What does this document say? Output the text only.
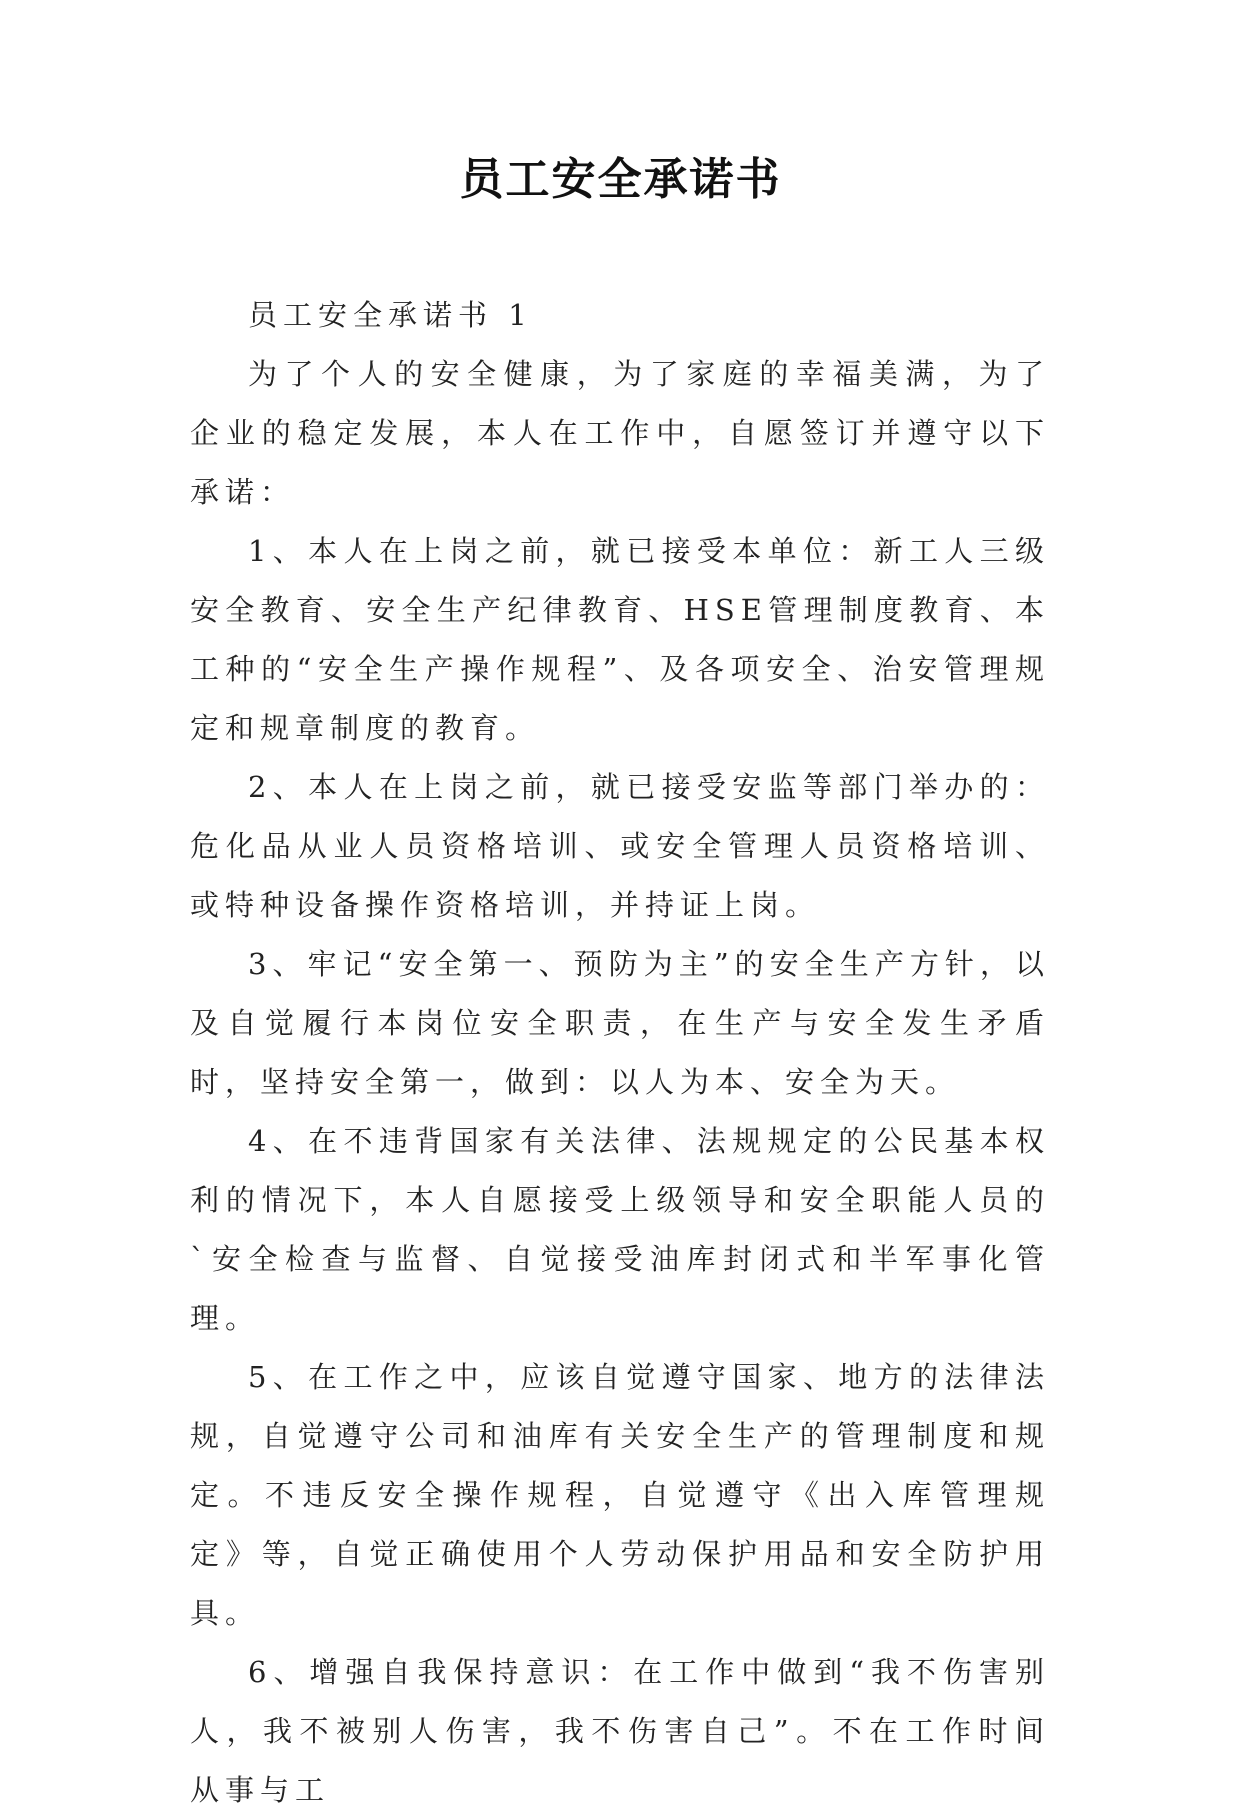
员工安全承诺书

员工安全承诺书 1

为了个人的安全健康，为了家庭的幸福美满，为了企业的稳定发展，本人在工作中，自愿签订并遵守以下承诺：

1、本人在上岗之前，就已接受本单位：新工人三级安全教育、安全生产纪律教育、HSE管理制度教育、本工种的“安全生产操作规程”、及各项安全、治安管理规定和规章制度的教育。

2、本人在上岗之前，就已接受安监等部门举办的：危化品从业人员资格培训、或安全管理人员资格培训、或特种设备操作资格培训，并持证上岗。

3、牢记“安全第一、预防为主”的安全生产方针，以及自觉履行本岗位安全职责，在生产与安全发生矛盾时，坚持安全第一，做到：以人为本、安全为天。

4、在不违背国家有关法律、法规规定的公民基本权利的情况下，本人自愿接受上级领导和安全职能人员的`安全检查与监督、自觉接受油库封闭式和半军事化管理。

5、在工作之中，应该自觉遵守国家、地方的法律法规，自觉遵守公司和油库有关安全生产的管理制度和规定。不违反安全操作规程，自觉遵守《出入库管理规定》等，自觉正确使用个人劳动保护用品和安全防护用具。

6、增强自我保持意识：在工作中做到“我不伤害别人，我不被别人伤害，我不伤害自己”。不在工作时间从事与工
